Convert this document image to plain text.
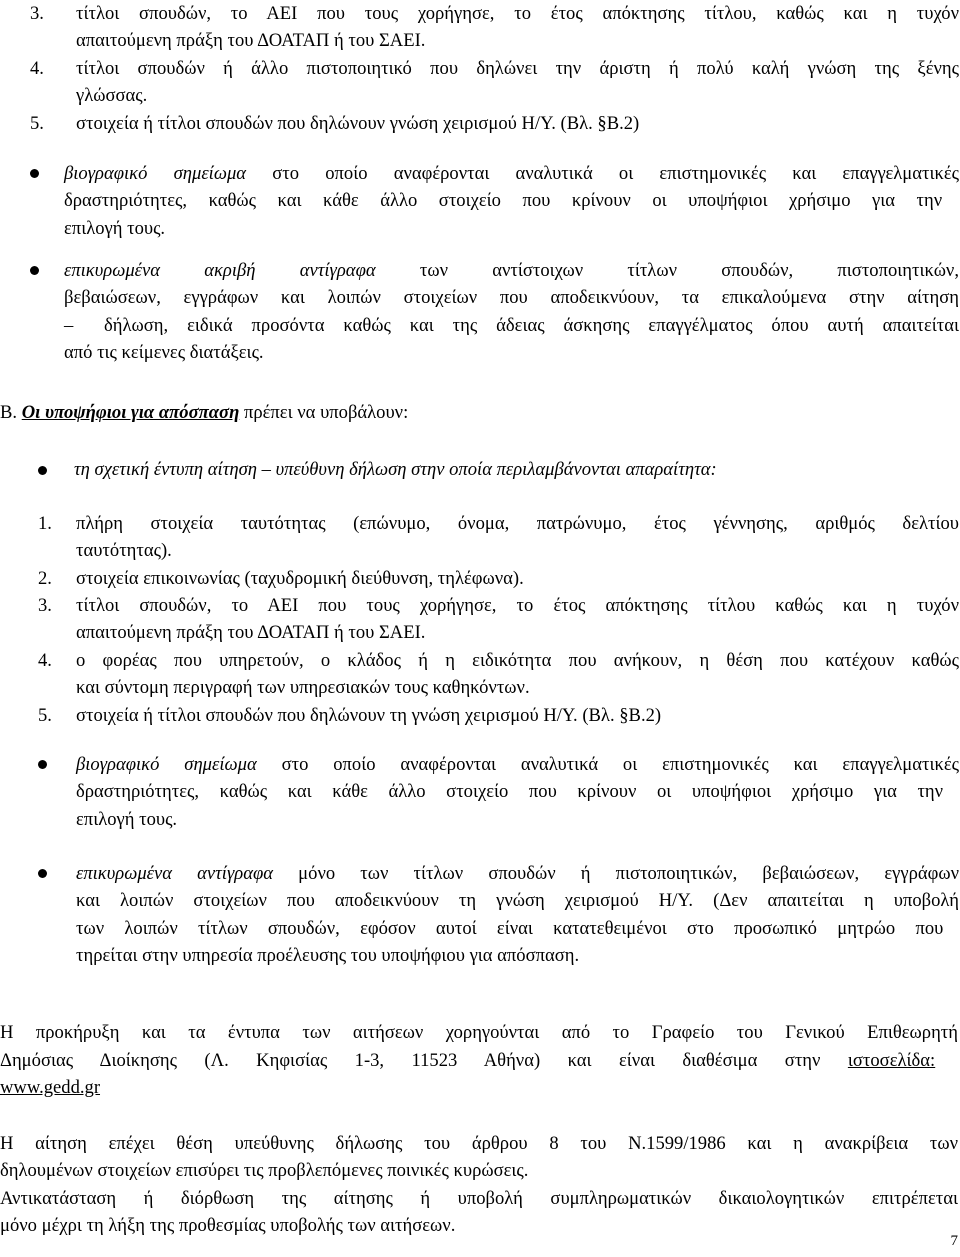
3. τίτλοι σπουδών, το ΑΕΙ που τους χορήγησε, το έτος απόκτησης τίτλου, καθώς και η τυχόν
απαιτούμενη πράξη του ΔΟΑΤΑΠ ή του ΣΑΕΙ.
4. τίτλοι σπουδών ή άλλο πιστοποιητικό που δηλώνει την άριστη ή πολύ καλή γνώση της ξένης
γλώσσας.
5. στοιχεία ή τίτλοι σπουδών που δηλώνουν γνώση χειρισμού Η/Υ. (Βλ. §Β.2)
βιογραφικό σημείωμα στο οποίο αναφέρονται αναλυτικά οι επιστημονικές και επαγγελματικές
δραστηριότητες, καθώς και κάθε άλλο στοιχείο που κρίνουν οι υποψήφιοι χρήσιμο για την
επιλογή τους.
επικυρωμένα ακριβή αντίγραφα των αντίστοιχων τίτλων σπουδών, πιστοποιητικών,
βεβαιώσεων, εγγράφων και λοιπών στοιχείων που αποδεικνύουν, τα επικαλούμενα στην αίτηση
– δήλωση, ειδικά προσόντα καθώς και της άδειας άσκησης επαγγέλματος όπου αυτή απαιτείται
από τις κείμενες διατάξεις.
Β. Οι υποψήφιοι για απόσπαση πρέπει να υποβάλουν:
τη σχετική έντυπη αίτηση – υπεύθυνη δήλωση στην οποία περιλαμβάνονται απαραίτητα:
1. πλήρη στοιχεία ταυτότητας (επώνυμο, όνομα, πατρώνυμο, έτος γέννησης, αριθμός δελτίου
ταυτότητας).
2. στοιχεία επικοινωνίας (ταχυδρομική διεύθυνση, τηλέφωνα).
3. τίτλοι σπουδών, το ΑΕΙ που τους χορήγησε, το έτος απόκτησης τίτλου καθώς και η τυχόν
απαιτούμενη πράξη του ΔΟΑΤΑΠ ή του ΣΑΕΙ.
4. ο φορέας που υπηρετούν, ο κλάδος ή η ειδικότητα που ανήκουν, η θέση που κατέχουν καθώς
και σύντομη περιγραφή των υπηρεσιακών τους καθηκόντων.
5. στοιχεία ή τίτλοι σπουδών που δηλώνουν τη γνώση χειρισμού Η/Υ. (Βλ. §Β.2)
βιογραφικό σημείωμα στο οποίο αναφέρονται αναλυτικά οι επιστημονικές και επαγγελματικές
δραστηριότητες, καθώς και κάθε άλλο στοιχείο που κρίνουν οι υποψήφιοι χρήσιμο για την
επιλογή τους.
επικυρωμένα αντίγραφα μόνο των τίτλων σπουδών ή πιστοποιητικών, βεβαιώσεων, εγγράφων
και λοιπών στοιχείων που αποδεικνύουν τη γνώση χειρισμού Η/Υ. (Δεν απαιτείται η υποβολή
των λοιπών τίτλων σπουδών, εφόσον αυτοί είναι κατατεθειμένοι στο προσωπικό μητρώο που
τηρείται στην υπηρεσία προέλευσης του υποψήφιου για απόσπαση.
Η προκήρυξη και τα έντυπα των αιτήσεων χορηγούνται από το Γραφείο του Γενικού Επιθεωρητή
Δημόσιας Διοίκησης (Λ. Κηφισίας 1-3, 11523 Αθήνα) και είναι διαθέσιμα στην ιστοσελίδα:
www.gedd.gr
Η αίτηση επέχει θέση υπεύθυνης δήλωσης του άρθρου 8 του Ν.1599/1986 και η ανακρίβεια των
δηλουμένων στοιχείων επισύρει τις προβλεπόμενες ποινικές κυρώσεις.
Αντικατάσταση ή διόρθωση της αίτησης ή υποβολή συμπληρωματικών δικαιολογητικών επιτρέπεται
μόνο μέχρι τη λήξη της προθεσμίας υποβολής των αιτήσεων.
7
